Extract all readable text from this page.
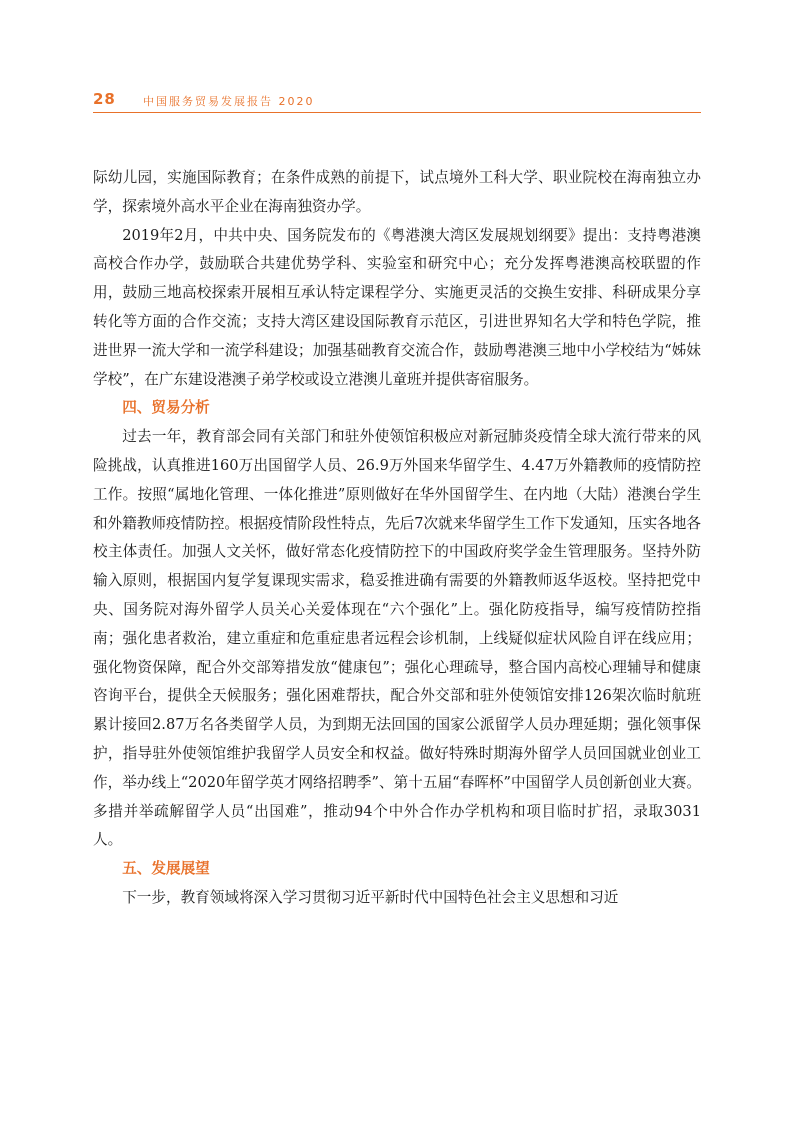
28 中国服务贸易发展报告 2020

际幼儿园，实施国际教育；在条件成熟的前提下，试点境外工科大学、职业院校在海南独立办学，探索境外高水平企业在海南独资办学。

2019年2月，中共中央、国务院发布的《粤港澳大湾区发展规划纲要》提出：支持粤港澳高校合作办学，鼓励联合共建优势学科、实验室和研究中心；充分发挥粤港澳高校联盟的作用，鼓励三地高校探索开展相互承认特定课程学分、实施更灵活的交换生安排、科研成果分享转化等方面的合作交流；支持大湾区建设国际教育示范区，引进世界知名大学和特色学院，推进世界一流大学和一流学科建设；加强基础教育交流合作，鼓励粤港澳三地中小学校结为“姊妹学校”，在广东建设港澳子弟学校或设立港澳儿童班并提供寄宿服务。

四、贸易分析

过去一年，教育部会同有关部门和驻外使领馆积极应对新冠肺炎疫情全球大流行带来的风险挑战，认真推进160万出国留学人员、26.9万外国来华留学生、4.47万外籍教师的疫情防控工作。按照“属地化管理、一体化推进”原则做好在华外国留学生、在内地（大陆）港澳台学生和外籍教师疫情防控。根据疫情阶段性特点，先后7次就来华留学生工作下发通知，压实各地各校主体责任。加强人文关怀，做好常态化疫情防控下的中国政府奖学金生管理服务。坚持外防输入原则，根据国内复学复课现实需求，稳妥推进确有需要的外籍教师返华返校。坚持把党中央、国务院对海外留学人员关心关爱体现在“六个强化”上。强化防疫指导，编写疫情防控指南；强化患者救治，建立重症和危重症患者远程会诊机制，上线疑似症状风险自评在线应用；强化物资保障，配合外交部筹措发放“健康包”；强化心理疏导，整合国内高校心理辅导和健康咨询平台，提供全天候服务；强化困难帮扶，配合外交部和驻外使领馆安排126架次临时航班累计接回2.87万名各类留学人员，为到期无法回国的国家公派留学人员办理延期；强化领事保护，指导驻外使领馆维护我留学人员安全和权益。做好特殊时期海外留学人员回国就业创业工作，举办线上“2020年留学英才网络招聘季”、第十五届“春晖杯”中国留学人员创新创业大赛。多措并举疏解留学人员“出国难”，推动94个中外合作办学机构和项目临时扩招，录取3031人。

五、发展展望

下一步，教育领域将深入学习贯彻习近平新时代中国特色社会主义思想和习近
